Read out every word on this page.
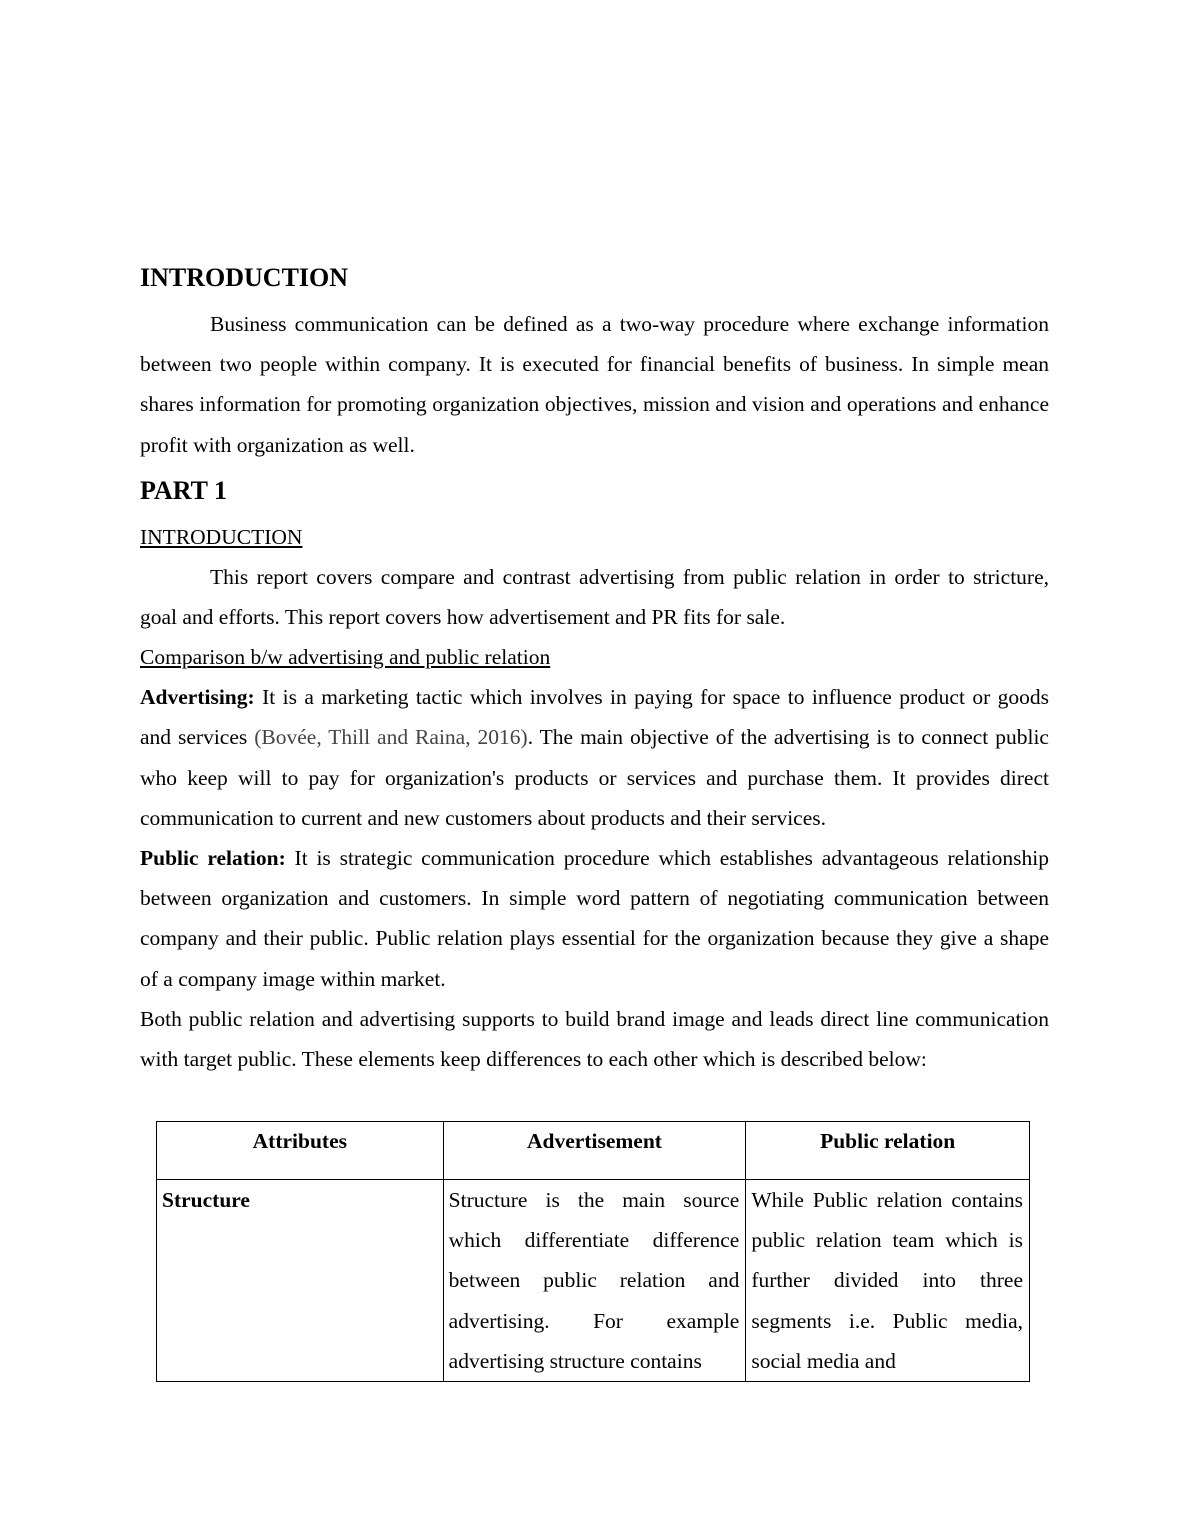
INTRODUCTION

Business communication can be defined as a two-way procedure where exchange information between two people within company. It is executed for financial benefits of business. In simple mean shares information for promoting organization objectives, mission and vision and operations and enhance profit with organization as well.

PART 1

INTRODUCTION

This report covers compare and contrast advertising from public relation in order to stricture, goal and efforts. This report covers how advertisement and PR fits for sale.

Comparison b/w advertising and public relation

Advertising: It is a marketing tactic which involves in paying for space to influence product or goods and services (Bovée, Thill and Raina, 2016). The main objective of the advertising is to connect public who keep will to pay for organization's products or services and purchase them. It provides direct communication to current and new customers about products and their services.

Public relation: It is strategic communication procedure which establishes advantageous relationship between organization and customers. In simple word pattern of negotiating communication between company and their public. Public relation plays essential for the organization because they give a shape of a company image within market.

Both public relation and advertising supports to build brand image and leads direct line communication with target public. These elements keep differences to each other which is described below:

Attributes	Advertisement	Public relation
Structure	Structure is the main source which differentiate difference between public relation and advertising. For example advertising structure contains	While Public relation contains public relation team which is further divided into three segments i.e. Public media, social media and
